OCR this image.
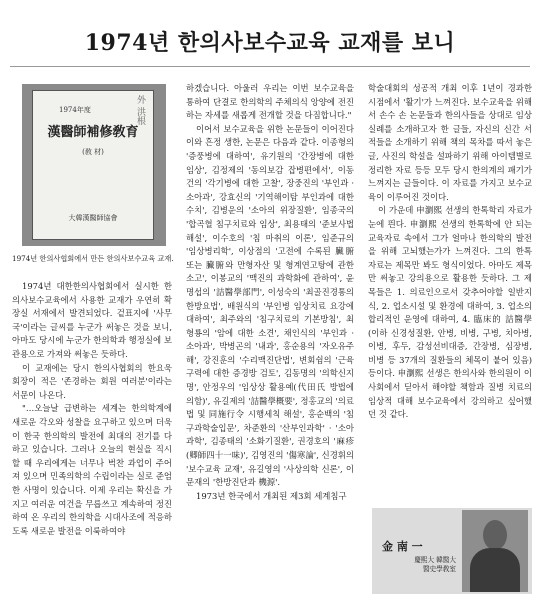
1974년 한의사보수교육 교재를 보니
1974年度	外 洪根
漢醫師補修敎育
(敎 材)
大韓漢醫師協會
1974년 한의사협회에서 만든 한의사보수교육 교재.

1974년 대한한의사협회에서 실시한 한의사보수교육에서 사용한 교재가 우연히 확장실 서재에서 발견되었다. 겉표지에 '사무국'이라는 글씨를 누군가 써놓은 것을 보니, 아마도 당시에 누군가 한의학과 행정실에 보관용으로 가져와 써놓은 듯하다.

이 교재에는 당시 한의사협회의 한요욱 회장이 적은 '존경하는 회원 여러분'이라는 서문이 나온다.

"…오늘날 급변하는 세계는 한의학계에 새로운 각오와 성찰을 요구하고 있으며 더욱이 한국 한의학의 발전에 최대의 전기를 다하고 있습니다. 그러나 오늘의 현실을 직시할 때 우리에게는 너무나 벅찬 과업이 주어져 있으며 민족의학의 수립이라는 실로 준엄한 사명이 있습니다. 이제 우리는 확신을 가지고 여러운 여건을 무릅쓰고 계속하여 정진하여 온 우리의 한의학을 시대사조에 적응하도록 새로운 발전을 이룩하여야

하겠습니다. 아울러 우리는 이번 보수교육을 통하여 단결로 한의학의 주체의식 앙양에 전진하는 자세를 새롭게 전개할 것을 다짐합니다."

이어서 보수교육을 위한 논문들이 이어진다이와 흔정 생한, 논문은 다음과 같다. 이종형의 '증풍병에 대하여', 유기원의 '간장병에 대한 임상', 김정제의 '동의보감 잡병편에서', 이동건의 '각기병에 대한 고찰', 장중진의 '부인과 · 소아과', 강효신의 '기역해이탐 부인과에 대한 수치', 김병운의 '소아의 위장질환', 임종국의 '합곡혈 침구치료와 임상', 최용태의 '준보사법 해설', 이수호의 '침 마취의 이론', 임준규의 '임상병리학', 이상점의 '고전에 수록된 臟腑 또는 臟腑와 만형자산 및 형계연고탕에 관한 소고', 이봉교의 '맥진의 과학화에 관하여', 윤명섭의 '詰醫學部門', 이성숙의 '최골진경통의 한방요법', 배원식의 '부인병 임상치료 요강에 대하여', 최주와의 '침구치료의 기본방침', 최형룡의 '암에 대한 소견', 채인식의 '부인과 · 소아과', 박병곤의 '내과', 홍순용의 '자오유주해', 강진훈의 '수리맥진단법', 변회쉼의 '근육구력에 대한 증경방 검토', 김동명의 '의학신지명', 안정우의 '임상상 활용예(代田氏 방법에 의함)', 유길제의 '詰醫學概要', 정홍교의 '의료법 및 同施行令 시행세칙 해설', 홍순백의 '침구과학술입문', 차준환의 '산부인과학' · '소아과학', 김종태의 '소화기질환', 권경호의 '麻疹(卿師四十一味)', 김영진의 '傷寒論', 신경휘의 '보수교육 교재', 유길영의 '사상의학 신론', 이문재의 '한방진단과 機源'.

1973년 한국에서 개최된 제3회 세계침구

학술대회의 성공적 개최 이후 1년이 경과한 시점에서 '활기'가 느껴진다. 보수교육을 위해서 손수 손 논문들과 한의사들을 상대로 임상실례를 소개하고자 한 글들, 자신의 신간 서적들을 소개하기 위해 책의 목차를 따서 놓은 글, 사진의 학설을 설파하기 위해 아이템별로 정리한 자료 등등 모두 당시 한의계의 패기가 느껴지는 글들이다. 이 자료를 가지고 보수교육이 이루어진 것이다.

이 가운데 申瀏熙 선생의 한톡학리 자료가 눈에 띈다. 申瀏熙 선생의 한톡학에 안 되는 교육자료 속에서 그가 얼마나 한의학의 발전을 위해 고뇌했는가가 느껴진다. 그의 한톡 자료는 제목만 봐도 형식이었다. 아마도 제목만 써놓고 강의용으로 활용한 듯하다. 그 제목들은 1. 의료인으로서 갖추어야할 일반지식, 2. 업소시설 및 환경에 대하여, 3. 업소의 합리적인 운영에 대하여, 4. 臨床的 詰醫學(이하 신경성질환, 안병, 비병, 구병, 치아병, 이병, 후두, 감성선비대증, 간장병, 심장병, 비병 등 37개의 질환들의 체목이 붙어 있음) 등이다. 申瀏熙 선생은 한의사와 한의원이 이 사회에서 딛아서 해야할 책함과 질병 치료의 임상적 대해 보수교육에서 강의하고 싶어했던 것 같다.

金 南 一
慶熙大 韓醫大
醫史學敎室
